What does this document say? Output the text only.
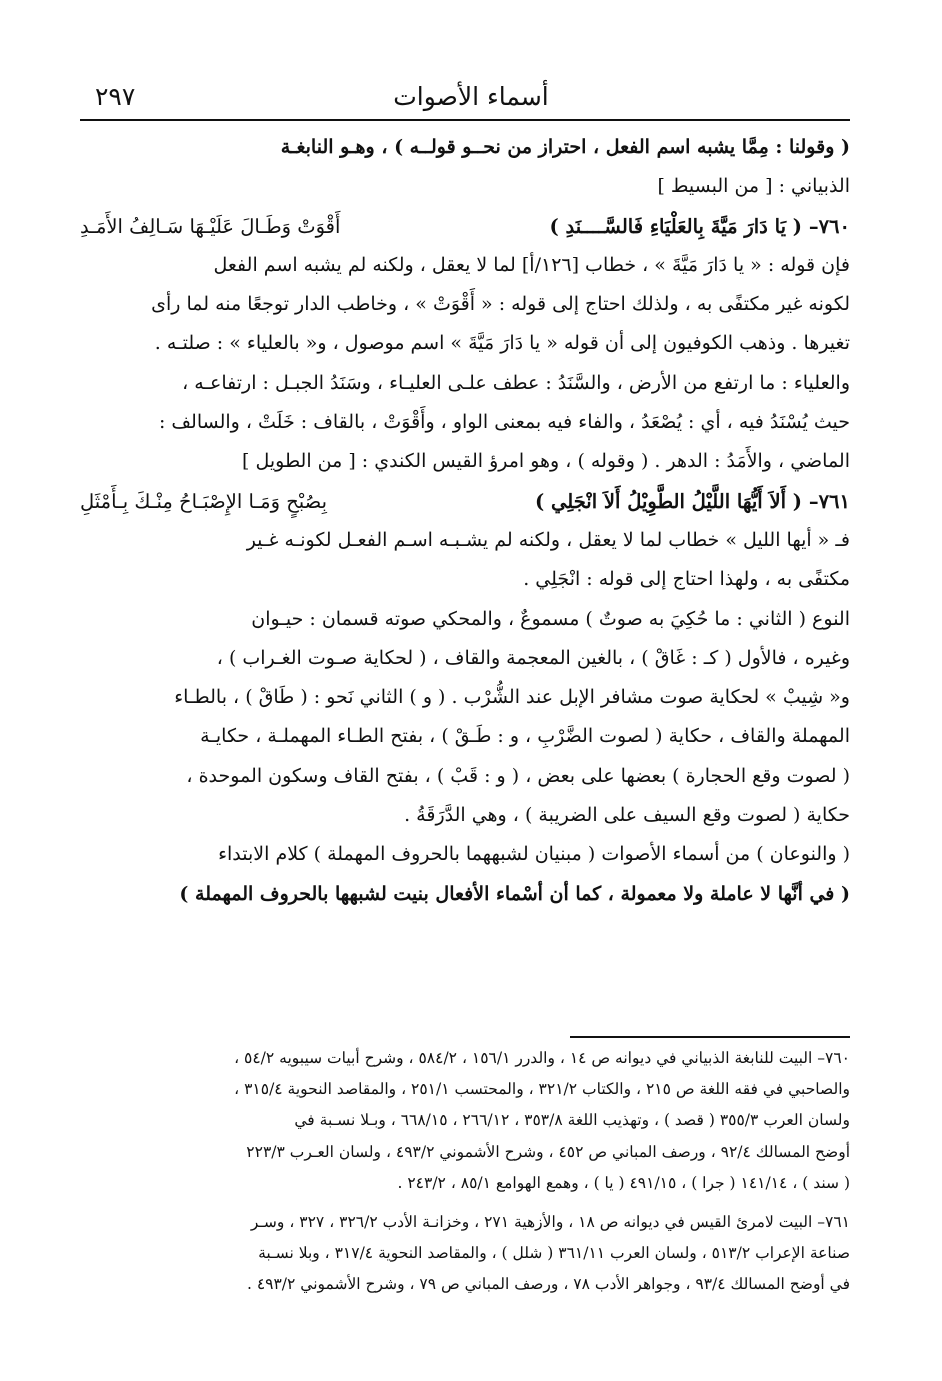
أسماء الأصوات
٢٩٧

( وقولنا : مِمَّا يشبه اسم الفعل ، احتراز من نحــو قولــه ) ، وهـو النابغـة

الذبياني : [ من البسيط ]

٧٦٠– ( يَا دَارَ مَيَّةَ بِالعَلْيَاءِ فَالسَّــــنَدِ )
أَقْوَتْ وَطَـالَ عَلَيْـهَا سَـالِفُ الأَمَـدِ

فإن قوله : « يا دَارَ مَيَّةَ » ، خطاب [١٢٦/أ] لما لا يعقل ، ولكنه لم يشبه اسم الفعل

لكونه غير مكتفًى به ، ولذلك احتاج إلى قوله : « أَقْوَتْ » ، وخاطب الدار توجعًا منه لما رأى

تغيرها . وذهب الكوفيون إلى أن قوله « يا دَارَ مَيَّةَ » اسم موصول ، و« بالعلياء » : صلتـه .

والعلياء : ما ارتفع من الأرض ، والسَّنَدُ : عطف علـى العليـاء ، وسَنَدُ الجبـل : ارتفاعـه ،

حيث يُسْنَدُ فيه ، أي : يُصْعَدُ ، والفاء فيه بمعنى الواو ، وأَقْوَتْ ، بالقاف : خَلَتْ ، والسالف :

الماضي ، والأَمَدُ : الدهر . ( وقوله ) ، وهو امرؤ القيس الكندي : [ من الطويل ]

٧٦١– ( أَلاَ أَيُّهَا اللَّيْلُ الطَّوِيْلُ أَلاَ انْجَلِي )
بِصُبْحٍ وَمَـا الإِصْبَـاحُ مِنْـكَ بِـأَمْثَلِ

فـ « أيها الليل » خطاب لما لا يعقل ، ولكنه لم يشـبـه اسـم الفعـل لكونـه غـير

مكتفًى به ، ولهذا احتاج إلى قوله : انْجَلِي .

النوع ( الثاني : ما حُكِيَ به صوتٌ ) مسموعٌ ، والمحكي صوته قسمان : حيـوان

وغيره ، فالأول ( كـ : غَاقْ ) ، بالغين المعجمة والقاف ، ( لحكاية صـوت الغـراب ) ،

و« شِيبْ » لحكاية صوت مشافر الإبل عند الشُّرْب . ( و ) الثاني نَحو : ( طَاقْ ) ، بالطـاء

المهملة والقاف ، حكاية ( لصوت الضَّرْبِ ، و : طَـقْ ) ، بفتح الطـاء المهملـة ، حكايـة

( لصوت وقع الحجارة ) بعضها على بعض ، ( و : قَبْ ) ، بفتح القاف وسكون الموحدة ،

حكاية ( لصوت وقع السيف على الضريبة ) ، وهي الدَّرَقَةُ .

( والنوعان ) من أسماء الأصوات ( مبنيان لشبههما بالحروف المهملة ) كلام الابتداء

( في أنَّها لا عاملة ولا معمولة ، كما أن أسْماء الأفعال بنيت لشبهها بالحروف المهملة )

٧٦٠– البيت للنابغة الذبياني في ديوانه ص ١٤ ، والدرر ١٥٦/١ ، ٥٨٤/٢ ، وشرح أبيات سيبويه ٥٤/٢ ،

والصاحبي في فقه اللغة ص ٢١٥ ، والكتاب ٣٢١/٢ ، والمحتسب ٢٥١/١ ، والمقاصد النحوية ٣١٥/٤ ،

ولسان العرب ٣٥٥/٣ ( قصد ) ، وتهذيب اللغة ٣٥٣/٨ ، ٢٦٦/١٢ ، ٦٦٨/١٥ ، وبـلا نسـبة في

أوضح المسالك ٩٢/٤ ، ورصف المباني ص ٤٥٢ ، وشرح الأشموني ٤٩٣/٢ ، ولسان العـرب ٢٢٣/٣

( سند ) ، ١٤١/١٤ ( جرا ) ، ٤٩١/١٥ ( يا ) ، وهمع الهوامع ٨٥/١ ، ٢٤٣/٢ .

٧٦١– البيت لامرئ القيس في ديوانه ص ١٨ ، والأزهية ٢٧١ ، وخزانـة الأدب ٣٢٦/٢ ، ٣٢٧ ، وسـر

صناعة الإعراب ٥١٣/٢ ، ولسان العرب ٣٦١/١١ ( شلل ) ، والمقاصد النحوية ٣١٧/٤ ، وبلا نسـبة

في أوضح المسالك ٩٣/٤ ، وجواهر الأدب ٧٨ ، ورصف المباني ص ٧٩ ، وشرح الأشموني ٤٩٣/٢ .
